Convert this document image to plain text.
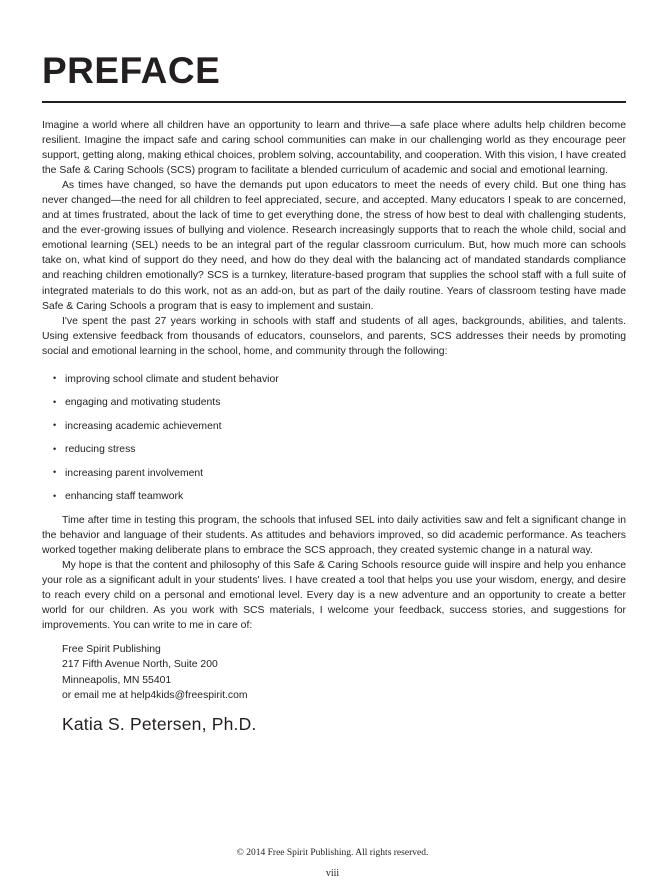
PREFACE

Imagine a world where all children have an opportunity to learn and thrive—a safe place where adults help children become resilient. Imagine the impact safe and caring school communities can make in our challenging world as they encourage peer support, getting along, making ethical choices, problem solving, accountability, and cooperation. With this vision, I have created the Safe & Caring Schools (SCS) program to facilitate a blended curriculum of academic and social and emotional learning.

As times have changed, so have the demands put upon educators to meet the needs of every child. But one thing has never changed—the need for all children to feel appreciated, secure, and accepted. Many educators I speak to are concerned, and at times frustrated, about the lack of time to get everything done, the stress of how best to deal with challenging students, and the ever-growing issues of bullying and violence. Research increasingly supports that to reach the whole child, social and emotional learning (SEL) needs to be an integral part of the regular classroom curriculum. But, how much more can schools take on, what kind of support do they need, and how do they deal with the balancing act of mandated standards compliance and reaching children emotionally? SCS is a turnkey, literature-based program that supplies the school staff with a full suite of integrated materials to do this work, not as an add-on, but as part of the daily routine. Years of classroom testing have made Safe & Caring Schools a program that is easy to implement and sustain.

I've spent the past 27 years working in schools with staff and students of all ages, backgrounds, abilities, and talents. Using extensive feedback from thousands of educators, counselors, and parents, SCS addresses their needs by promoting social and emotional learning in the school, home, and community through the following:

• improving school climate and student behavior
• engaging and motivating students
• increasing academic achievement
• reducing stress
• increasing parent involvement
• enhancing staff teamwork

Time after time in testing this program, the schools that infused SEL into daily activities saw and felt a significant change in the behavior and language of their students. As attitudes and behaviors improved, so did academic performance. As teachers worked together making deliberate plans to embrace the SCS approach, they created systemic change in a natural way.

My hope is that the content and philosophy of this Safe & Caring Schools resource guide will inspire and help you enhance your role as a significant adult in your students' lives. I have created a tool that helps you use your wisdom, energy, and desire to reach every child on a personal and emotional level. Every day is a new adventure and an opportunity to create a better world for our children. As you work with SCS materials, I welcome your feedback, success stories, and suggestions for improvements. You can write to me in care of:

Free Spirit Publishing
217 Fifth Avenue North, Suite 200
Minneapolis, MN 55401
or email me at help4kids@freespirit.com
Katia S. Petersen, Ph.D.
© 2014 Free Spirit Publishing. All rights reserved.
viii
